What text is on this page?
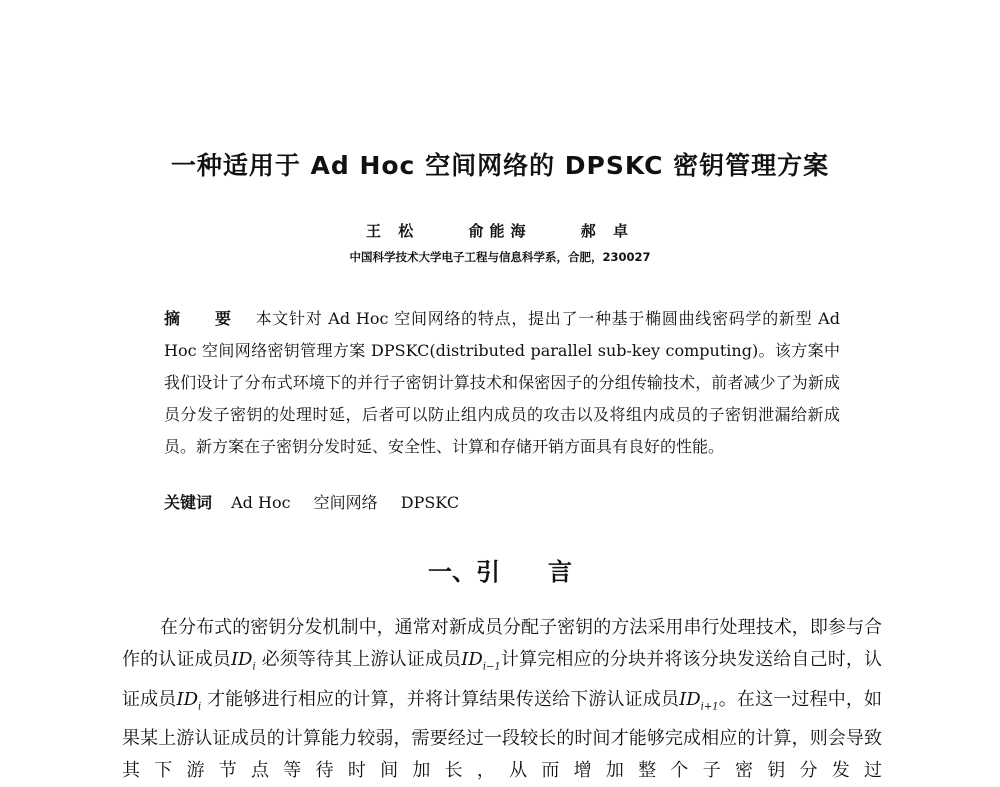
一种适用于 Ad Hoc 空间网络的 DPSKC 密钥管理方案
王 松	俞能海	郝 卓
中国科学技术大学电子工程与信息科学系，合肥，230027
摘 要 本文针对 Ad Hoc 空间网络的特点，提出了一种基于椭圆曲线密码学的新型 Ad Hoc 空间网络密钥管理方案 DPSKC(distributed parallel sub-key computing)。该方案中我们设计了分布式环境下的并行子密钥计算技术和保密因子的分组传输技术，前者减少了为新成员分发子密钥的处理时延，后者可以防止组内成员的攻击以及将组内成员的子密钥泄漏给新成员。新方案在子密钥分发时延、安全性、计算和存储开销方面具有良好的性能。
关键词 Ad Hoc 空间网络 DPSKC
一、引 言
在分布式的密钥分发机制中，通常对新成员分配子密钥的方法采用串行处理技术，即参与合作的认证成员$ID_i$ 必须等待其上游认证成员$ID_{i-1}$计算完相应的分块并将该分块发送给自己时，认证成员$ID_i$ 才能够进行相应的计算，并将计算结果传送给下游认证成员$ID_{i+1}$。在这一过程中，如果某上游认证成员的计算能力较弱，需要经过一段较长的时间才能够完成相应的计算，则会导致其下游节点等待时间加长，从而增加整个子密钥分发过
